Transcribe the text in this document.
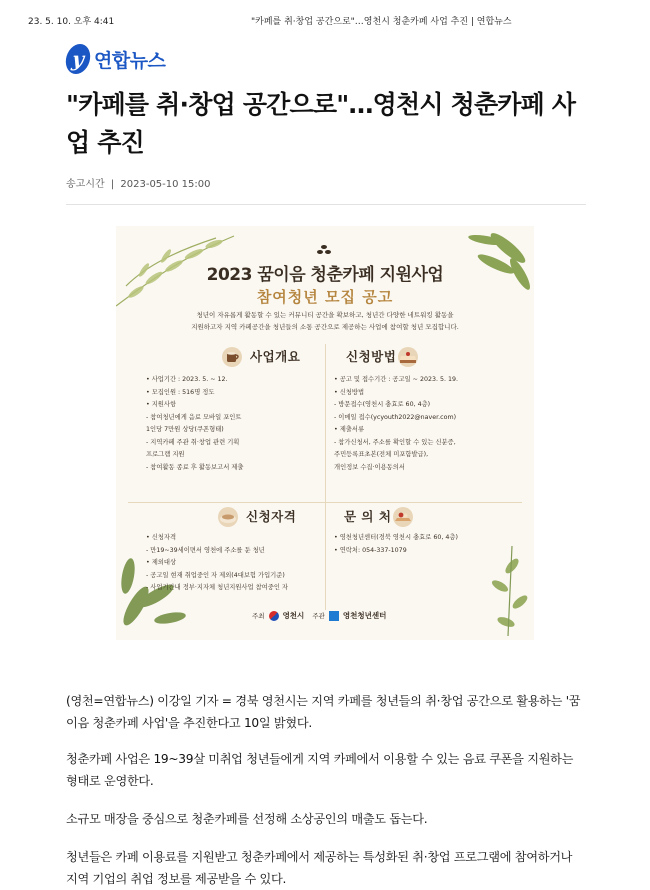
23. 5. 10. 오후 4:41	"카페를 취·창업 공간으로"…영천시 청춘카페 사업 추진 | 연합뉴스
y 연합뉴스
"카페를 취·창업 공간으로"…영천시 청춘카페 사업 추진
송고시간 | 2023-05-10 15:00
2023 꿈이음 청춘카페 지원사업
참여청년 모집 공고
청년이 자유롭게 활동할 수 있는 커뮤니티 공간을 확보하고, 청년간 다양한 네트워킹 활동을
지원하고자 지역 카페공간을 청년들의 소통 공간으로 제공하는 사업에 참여할 청년 모집합니다.
사업개요
• 사업기간 : 2023. 5. ~ 12.
• 모집인원 : 516명 정도
• 지원사항
- 참여청년에게 음료 모바일 포인트
1인당 7만원 상당(쿠폰형태)
- 지역카페 주관 취·창업 관련 기획
프로그램 지원
- 참여활동 종료 후 활동보고서 제출
신청방법
• 공고 및 접수기간 : 공고일 ~ 2023. 5. 19.
• 신청방법
- 방문접수(영천시 충효로 60, 4층)
- 이메일 접수(ycyouth2022@naver.com)
• 제출서류
- 참가신청서, 주소를 확인할 수 있는 신분증,
주민등록표초본(전체 미포함발급),
개인정보 수집·이용동의서
신청자격
• 신청자격
- 만19~39세이면서 영천에 주소를 둔 청년
• 제외대상
- 공고일 현재 취업중인 자 제외(4대보험 가입기준)
- 사업기간내 정부·지자체 청년지원사업 참여중인 자
문 의 처
• 영천청년센터(경북 영천시 충효로 60, 4층)
• 연락처: 054-337-1079
주최 영천시 주관 영천청년센터

(영천=연합뉴스) 이강일 기자 = 경북 영천시는 지역 카페를 청년들의 취·창업 공간으로 활용하는 '꿈이음 청춘카페 사업'을 추진한다고 10일 밝혔다.

청춘카페 사업은 19~39살 미취업 청년들에게 지역 카페에서 이용할 수 있는 음료 쿠폰을 지원하는 형태로 운영한다.

소규모 매장을 중심으로 청춘카페를 선정해 소상공인의 매출도 돕는다.

청년들은 카페 이용료를 지원받고 청춘카페에서 제공하는 특성화된 취·창업 프로그램에 참여하거나 지역 기업의 취업 정보를 제공받을 수 있다.
